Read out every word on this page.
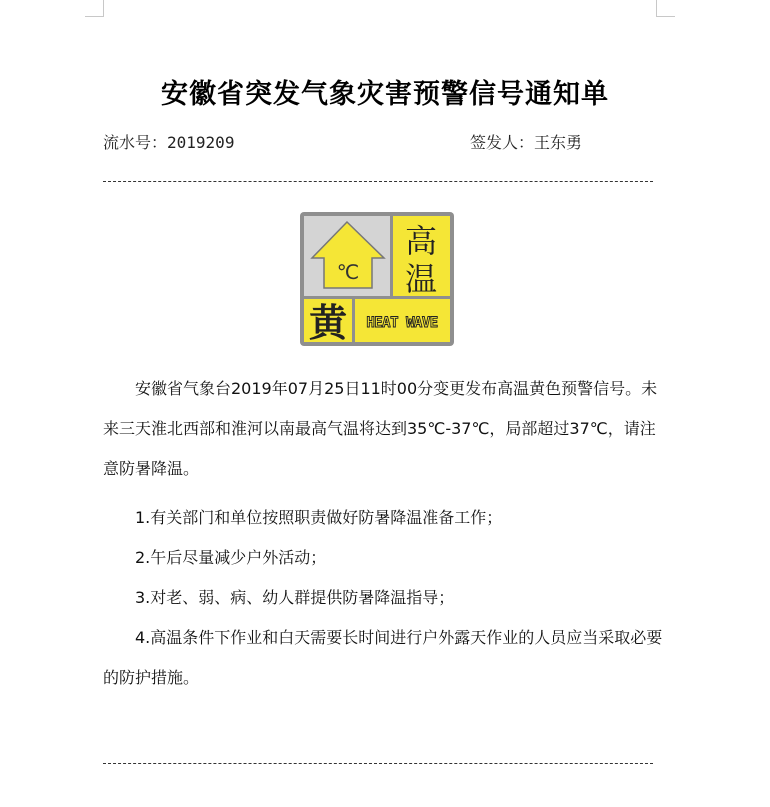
安徽省突发气象灾害预警信号通知单
流水号：2019209	签发人：王东勇
℃
高
温
黄 HEAT WAVE

安徽省气象台2019年07月25日11时00分变更发布高温黄色预警信号。未来三天淮北西部和淮河以南最高气温将达到35℃-37℃，局部超过37℃，请注意防暑降温。

1.有关部门和单位按照职责做好防暑降温准备工作；

2.午后尽量减少户外活动；

3.对老、弱、病、幼人群提供防暑降温指导；

4.高温条件下作业和白天需要长时间进行户外露天作业的人员应当采取必要的防护措施。
